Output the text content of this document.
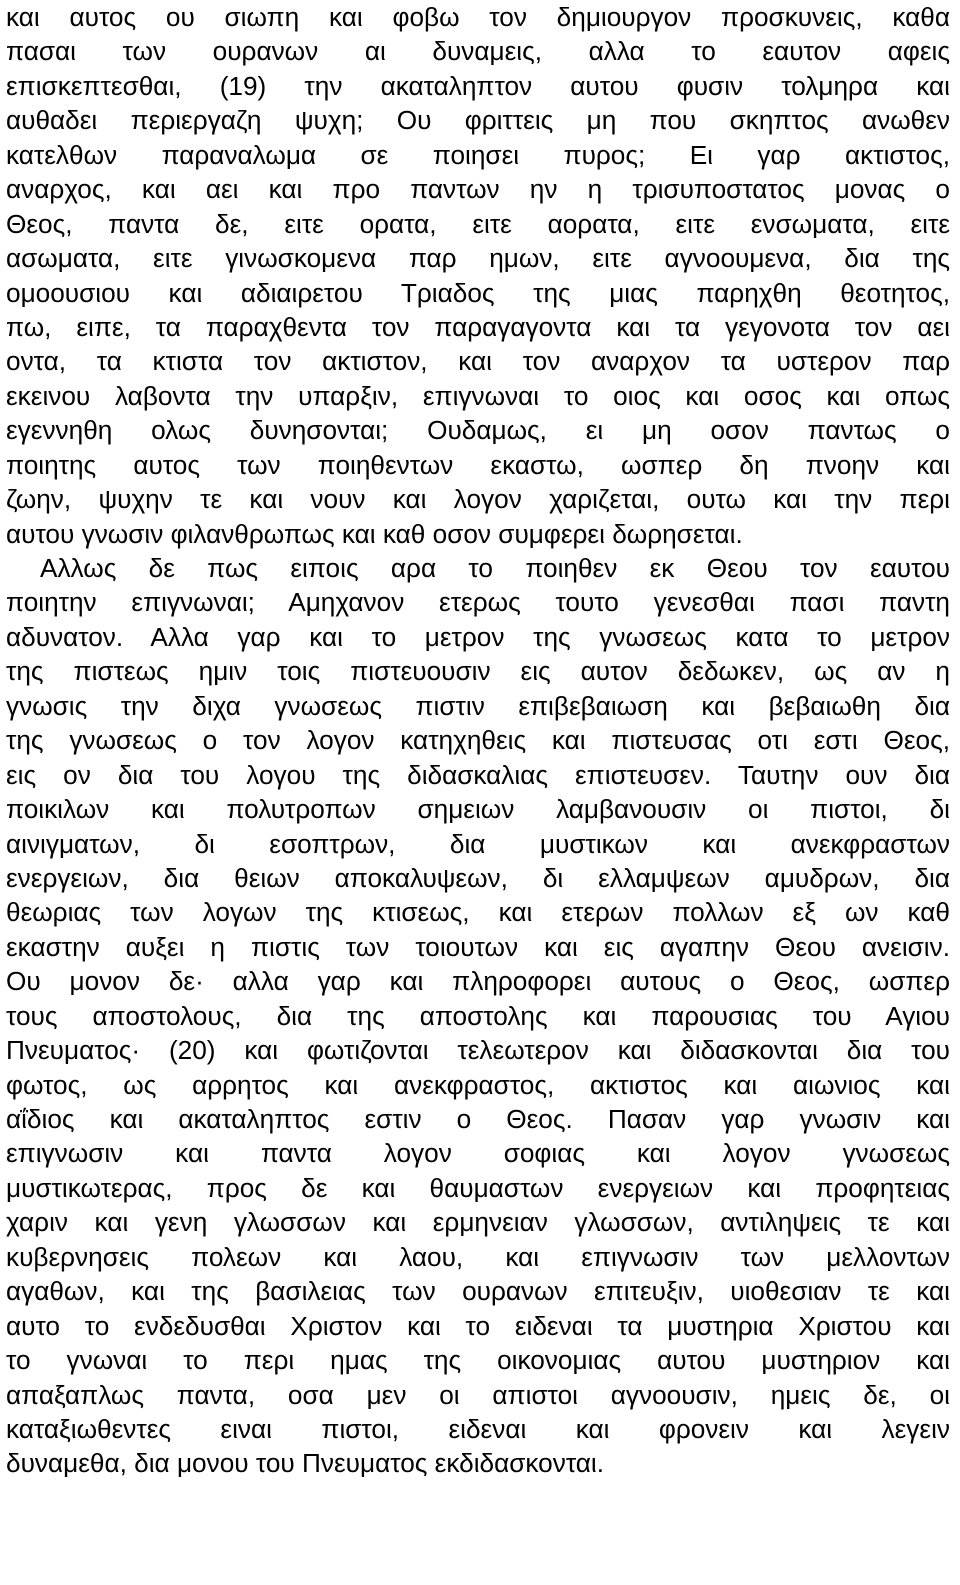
και αυτος ου σιωπη και φοβω τον δημιουργον προσκυνεις, καθα
πασαι των ουρανων αι δυναμεις, αλλα το εαυτον αφεις
επισκεπτεσθαι, (19) την ακαταληπτον αυτου φυσιν τολμηρα και
αυθαδει περιεργαζη ψυχη; Ου φριττεις μη που σκηπτος ανωθεν
κατελθων παραναλωμα σε ποιησει πυρος; Ει γαρ ακτιστος,
αναρχος, και αει και προ παντων ην η τρισυποστατος μονας ο
Θεος, παντα δε, ειτε ορατα, ειτε αορατα, ειτε ενσωματα, ειτε
ασωματα, ειτε γινωσκομενα παρ ημων, ειτε αγνοουμενα, δια της
ομοουσιου και αδιαιρετου Τριαδος της μιας παρηχθη θεοτητος,
πω, ειπε, τα παραχθεντα τον παραγαγοντα και τα γεγονοτα τον αει
οντα, τα κτιστα τον ακτιστον, και τον αναρχον τα υστερον παρ
εκεινου λαβοντα την υπαρξιν, επιγνωναι το οιος και οσος και οπως
εγεννηθη ολως δυνησονται; Ουδαμως, ει μη οσον παντως ο
ποιητης αυτος των ποιηθεντων εκαστω, ωσπερ δη πνοην και
ζωην, ψυχην τε και νουν και λογον χαριζεται, ουτω και την περι
αυτου γνωσιν φιλανθρωπως και καθ οσον συμφερει δωρησεται.
Αλλως δε πως ειποις αρα το ποιηθεν εκ Θεου τον εαυτου
ποιητην επιγνωναι; Αμηχανον ετερως τουτο γενεσθαι πασι παντη
αδυνατον. Αλλα γαρ και το μετρον της γνωσεως κατα το μετρον
της πιστεως ημιν τοις πιστευουσιν εις αυτον δεδωκεν, ως αν η
γνωσις την διχα γνωσεως πιστιν επιβεβαιωση και βεβαιωθη δια
της γνωσεως ο τον λογον κατηχηθεις και πιστευσας οτι εστι Θεος,
εις ον δια του λογου της διδασκαλιας επιστευσεν. Ταυτην ουν δια
ποικιλων και πολυτροπων σημειων λαμβανουσιν οι πιστοι, δι
αινιγματων, δι εσοπτρων, δια μυστικων και ανεκφραστων
ενεργειων, δια θειων αποκαλυψεων, δι ελλαμψεων αμυδρων, δια
θεωριας των λογων της κτισεως, και ετερων πολλων εξ ων καθ
εκαστην αυξει η πιστις των τοιουτων και εις αγαπην Θεου ανεισιν.
Ου μονον δε· αλλα γαρ και πληροφορει αυτους ο Θεος, ωσπερ
τους αποστολους, δια της αποστολης και παρουσιας του Αγιου
Πνευματος· (20) και φωτιζονται τελεωτερον και διδασκονται δια του
φωτος, ως αρρητος και ανεκφραστος, ακτιστος και αιωνιος και
αΐδιος και ακαταληπτος εστιν ο Θεος. Πασαν γαρ γνωσιν και
επιγνωσιν και παντα λογον σοφιας και λογον γνωσεως
μυστικωτερας, προς δε και θαυμαστων ενεργειων και προφητειας
χαριν και γενη γλωσσων και ερμηνειαν γλωσσων, αντιληψεις τε και
κυβερνησεις πολεων και λαου, και επιγνωσιν των μελλοντων
αγαθων, και της βασιλειας των ουρανων επιτευξιν, υιοθεσιαν τε και
αυτο το ενδεδυσθαι Χριστον και το ειδεναι τα μυστηρια Χριστου και
το γνωναι το περι ημας της οικονομιας αυτου μυστηριον και
απαξαπλως παντα, οσα μεν οι απιστοι αγνοουσιν, ημεις δε, οι
καταξιωθεντες ειναι πιστοι, ειδεναι και φρονειν και λεγειν
δυναμεθα, δια μονου του Πνευματος εκδιδασκονται.
